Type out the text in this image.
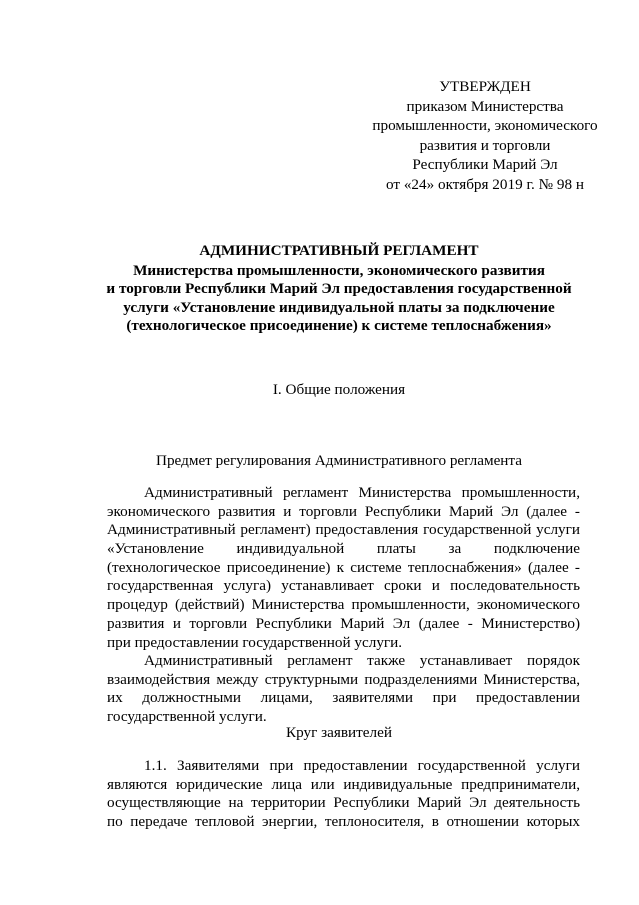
УТВЕРЖДЕН
приказом Министерства
промышленности, экономического
развития и торговли
Республики Марий Эл
от «24» октября 2019 г. № 98 н
АДМИНИСТРАТИВНЫЙ РЕГЛАМЕНТ
Министерства промышленности, экономического развития
и торговли Республики Марий Эл предоставления государственной
услуги «Установление индивидуальной платы за подключение
(технологическое присоединение) к системе теплоснабжения»
I. Общие положения
Предмет регулирования Административного регламента
Административный регламент Министерства промышленности,
экономического развития и торговли Республики Марий Эл (далее -
Административный регламент) предоставления государственной услуги
«Установление индивидуальной платы за подключение
(технологическое присоединение) к системе теплоснабжения» (далее -
государственная услуга) устанавливает сроки и последовательность
процедур (действий) Министерства промышленности, экономического
развития и торговли Республики Марий Эл (далее - Министерство)
при предоставлении государственной услуги.
Административный регламент также устанавливает порядок
взаимодействия между структурными подразделениями Министерства,
их должностными лицами, заявителями при предоставлении
государственной услуги.
Круг заявителей
1.1. Заявителями при предоставлении государственной услуги
являются юридические лица или индивидуальные предприниматели,
осуществляющие на территории Республики Марий Эл деятельность
по передаче тепловой энергии, теплоносителя, в отношении которых
